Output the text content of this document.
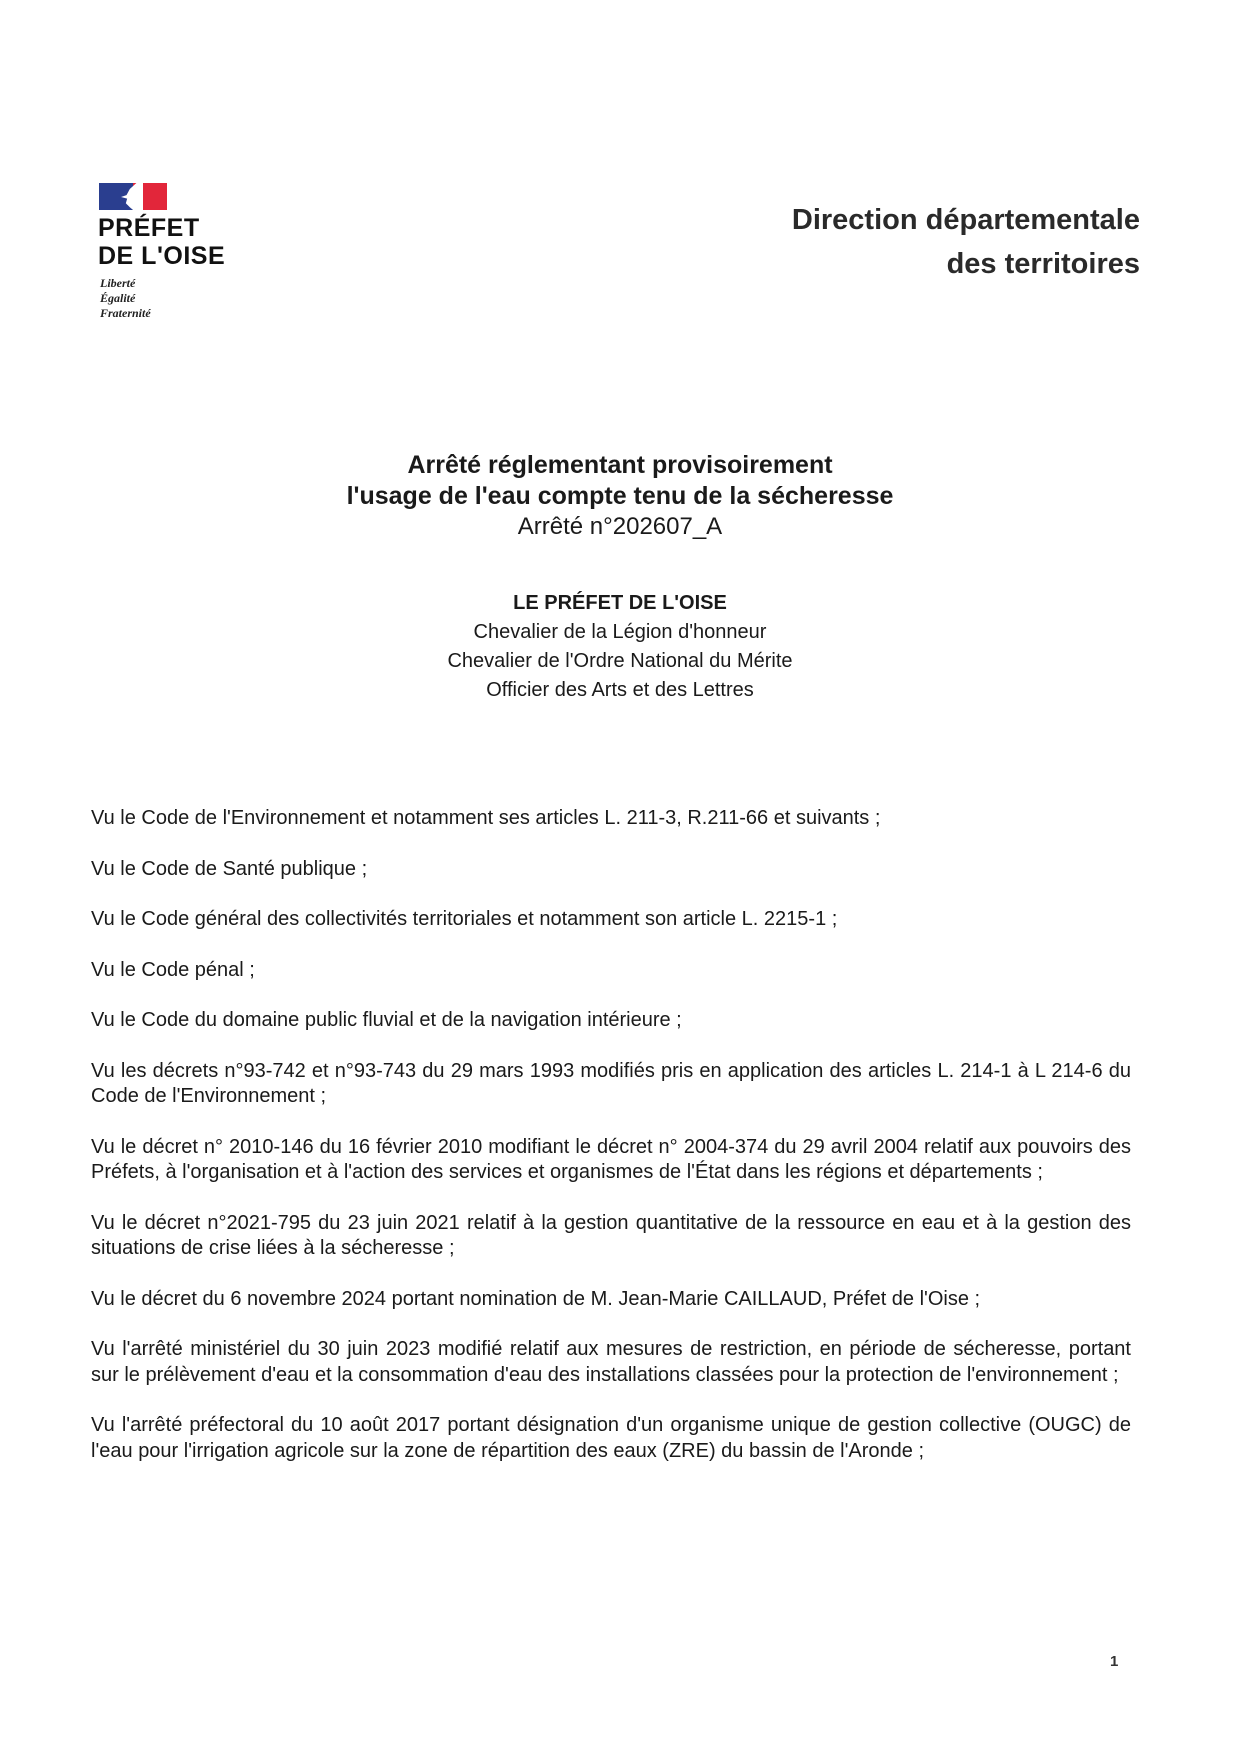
PRÉFET
DE L'OISE
Liberté
Égalité
Fraternité
Direction départementale
des territoires
Arrêté réglementant provisoirement
l'usage de l'eau compte tenu de la sécheresse
Arrêté n°202607_A
LE PRÉFET DE L'OISE
Chevalier de la Légion d'honneur
Chevalier de l'Ordre National du Mérite
Officier des Arts et des Lettres

Vu le Code de l'Environnement et notamment ses articles L. 211-3, R.211-66 et suivants ;

Vu le Code de Santé publique ;

Vu le Code général des collectivités territoriales et notamment son article L. 2215-1 ;

Vu le Code pénal ;

Vu le Code du domaine public fluvial et de la navigation intérieure ;

Vu les décrets n°93-742 et n°93-743 du 29 mars 1993 modifiés pris en application des articles L. 214-1 à L 214-6 du Code de l'Environnement ;

Vu le décret n° 2010-146 du 16 février 2010 modifiant le décret n° 2004-374 du 29 avril 2004 relatif aux pouvoirs des Préfets, à l'organisation et à l'action des services et organismes de l'État dans les régions et départements ;

Vu le décret n°2021-795 du 23 juin 2021 relatif à la gestion quantitative de la ressource en eau et à la gestion des situations de crise liées à la sécheresse ;

Vu le décret du 6 novembre 2024 portant nomination de M. Jean-Marie CAILLAUD, Préfet de l'Oise ;

Vu l'arrêté ministériel du 30 juin 2023 modifié relatif aux mesures de restriction, en période de sécheresse, portant sur le prélèvement d'eau et la consommation d'eau des installations classées pour la protection de l'environnement ;

Vu l'arrêté préfectoral du 10 août 2017 portant désignation d'un organisme unique de gestion collective (OUGC) de l'eau pour l'irrigation agricole sur la zone de répartition des eaux (ZRE) du bassin de l'Aronde ;

1
